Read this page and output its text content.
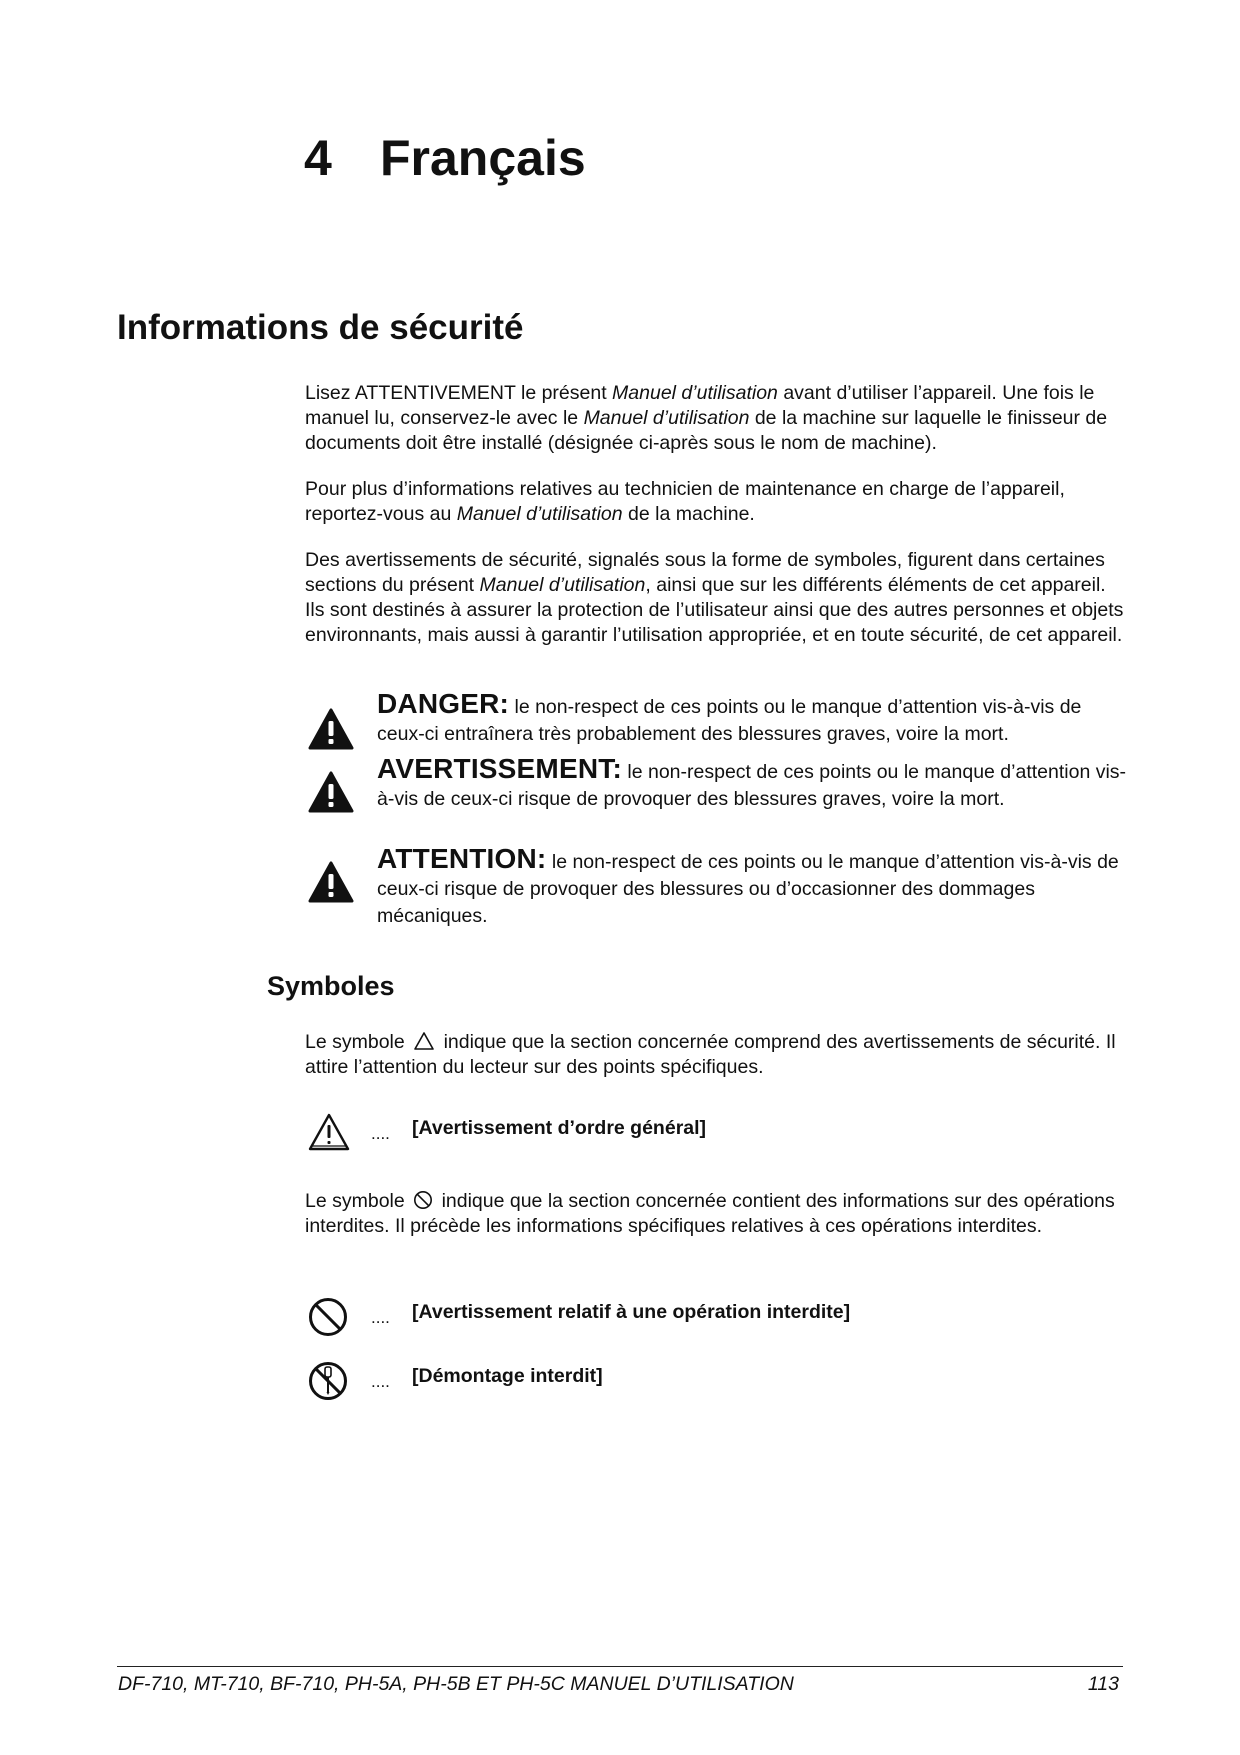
4 Français
Informations de sécurité

Lisez ATTENTIVEMENT le présent Manuel d’utilisation avant d’utiliser l’appareil. Une fois le manuel lu, conservez-le avec le Manuel d’utilisation de la machine sur laquelle le finisseur de documents doit être installé (désignée ci-après sous le nom de machine).

Pour plus d’informations relatives au technicien de maintenance en charge de l’appareil, reportez-vous au Manuel d’utilisation de la machine.

Des avertissements de sécurité, signalés sous la forme de symboles, figurent dans certaines sections du présent Manuel d’utilisation, ainsi que sur les différents éléments de cet appareil. Ils sont destinés à assurer la protection de l’utilisateur ainsi que des autres personnes et objets environnants, mais aussi à garantir l’utilisation appropriée, et en toute sécurité, de cet appareil.

DANGER: le non-respect de ces points ou le manque d’attention vis-à-vis de ceux-ci entraînera très probablement des blessures graves, voire la mort.
AVERTISSEMENT: le non-respect de ces points ou le manque d’attention vis-à-vis de ceux-ci risque de provoquer des blessures graves, voire la mort.
ATTENTION: le non-respect de ces points ou le manque d’attention vis-à-vis de ceux-ci risque de provoquer des blessures ou d’occasionner des dommages mécaniques.
Symboles

Le symbole indique que la section concernée comprend des avertissements de sécurité. Il attire l’attention du lecteur sur des points spécifiques.

.... [Avertissement d’ordre général]

Le symbole indique que la section concernée contient des informations sur des opérations interdites. Il précède les informations spécifiques relatives à ces opérations interdites.

.... [Avertissement relatif à une opération interdite]
.... [Démontage interdit]
DF-710, MT-710, BF-710, PH-5A, PH-5B ET PH-5C MANUEL D’UTILISATION	113
